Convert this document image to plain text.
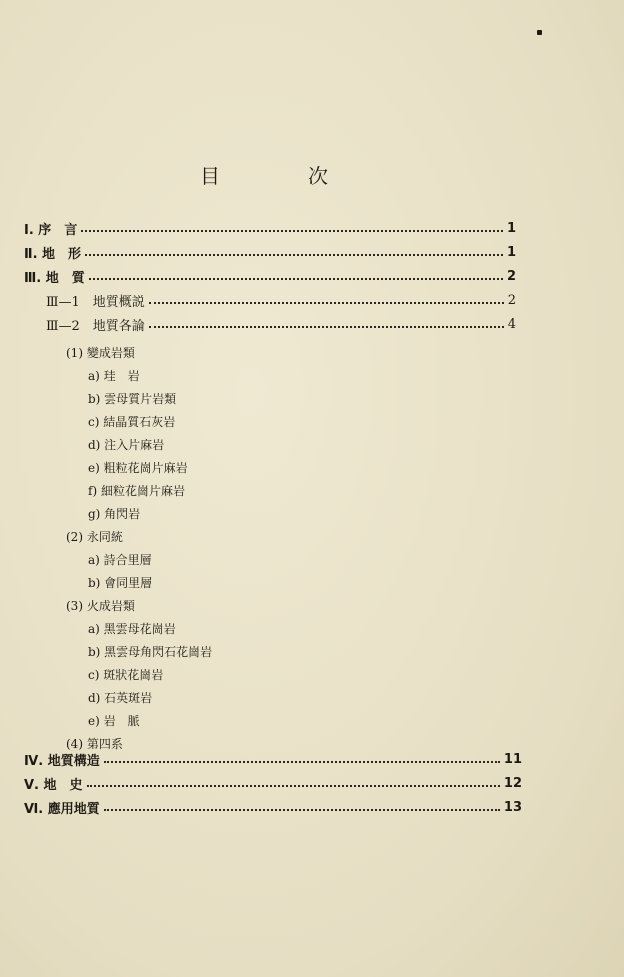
目	次
Ⅰ. 序　言	1
Ⅱ. 地　形	1
Ⅲ. 地　質	2
Ⅲ—1　地質概説	2
Ⅲ—2　地質各論	4
(1) 變成岩類
a) 珪　岩
b) 雲母質片岩類
c) 結晶質石灰岩
d) 注入片麻岩
e) 粗粒花崗片麻岩
f) 細粒花崗片麻岩
g) 角閃岩
(2) 永同統
a) 詩合里層
b) 會同里層
(3) 火成岩類
a) 黑雲母花崗岩
b) 黑雲母角閃石花崗岩
c) 斑狀花崗岩
d) 石英斑岩
e) 岩　脈
(4) 第四系
Ⅳ. 地質構造	11
Ⅴ. 地　史	12
Ⅵ. 應用地質	13
